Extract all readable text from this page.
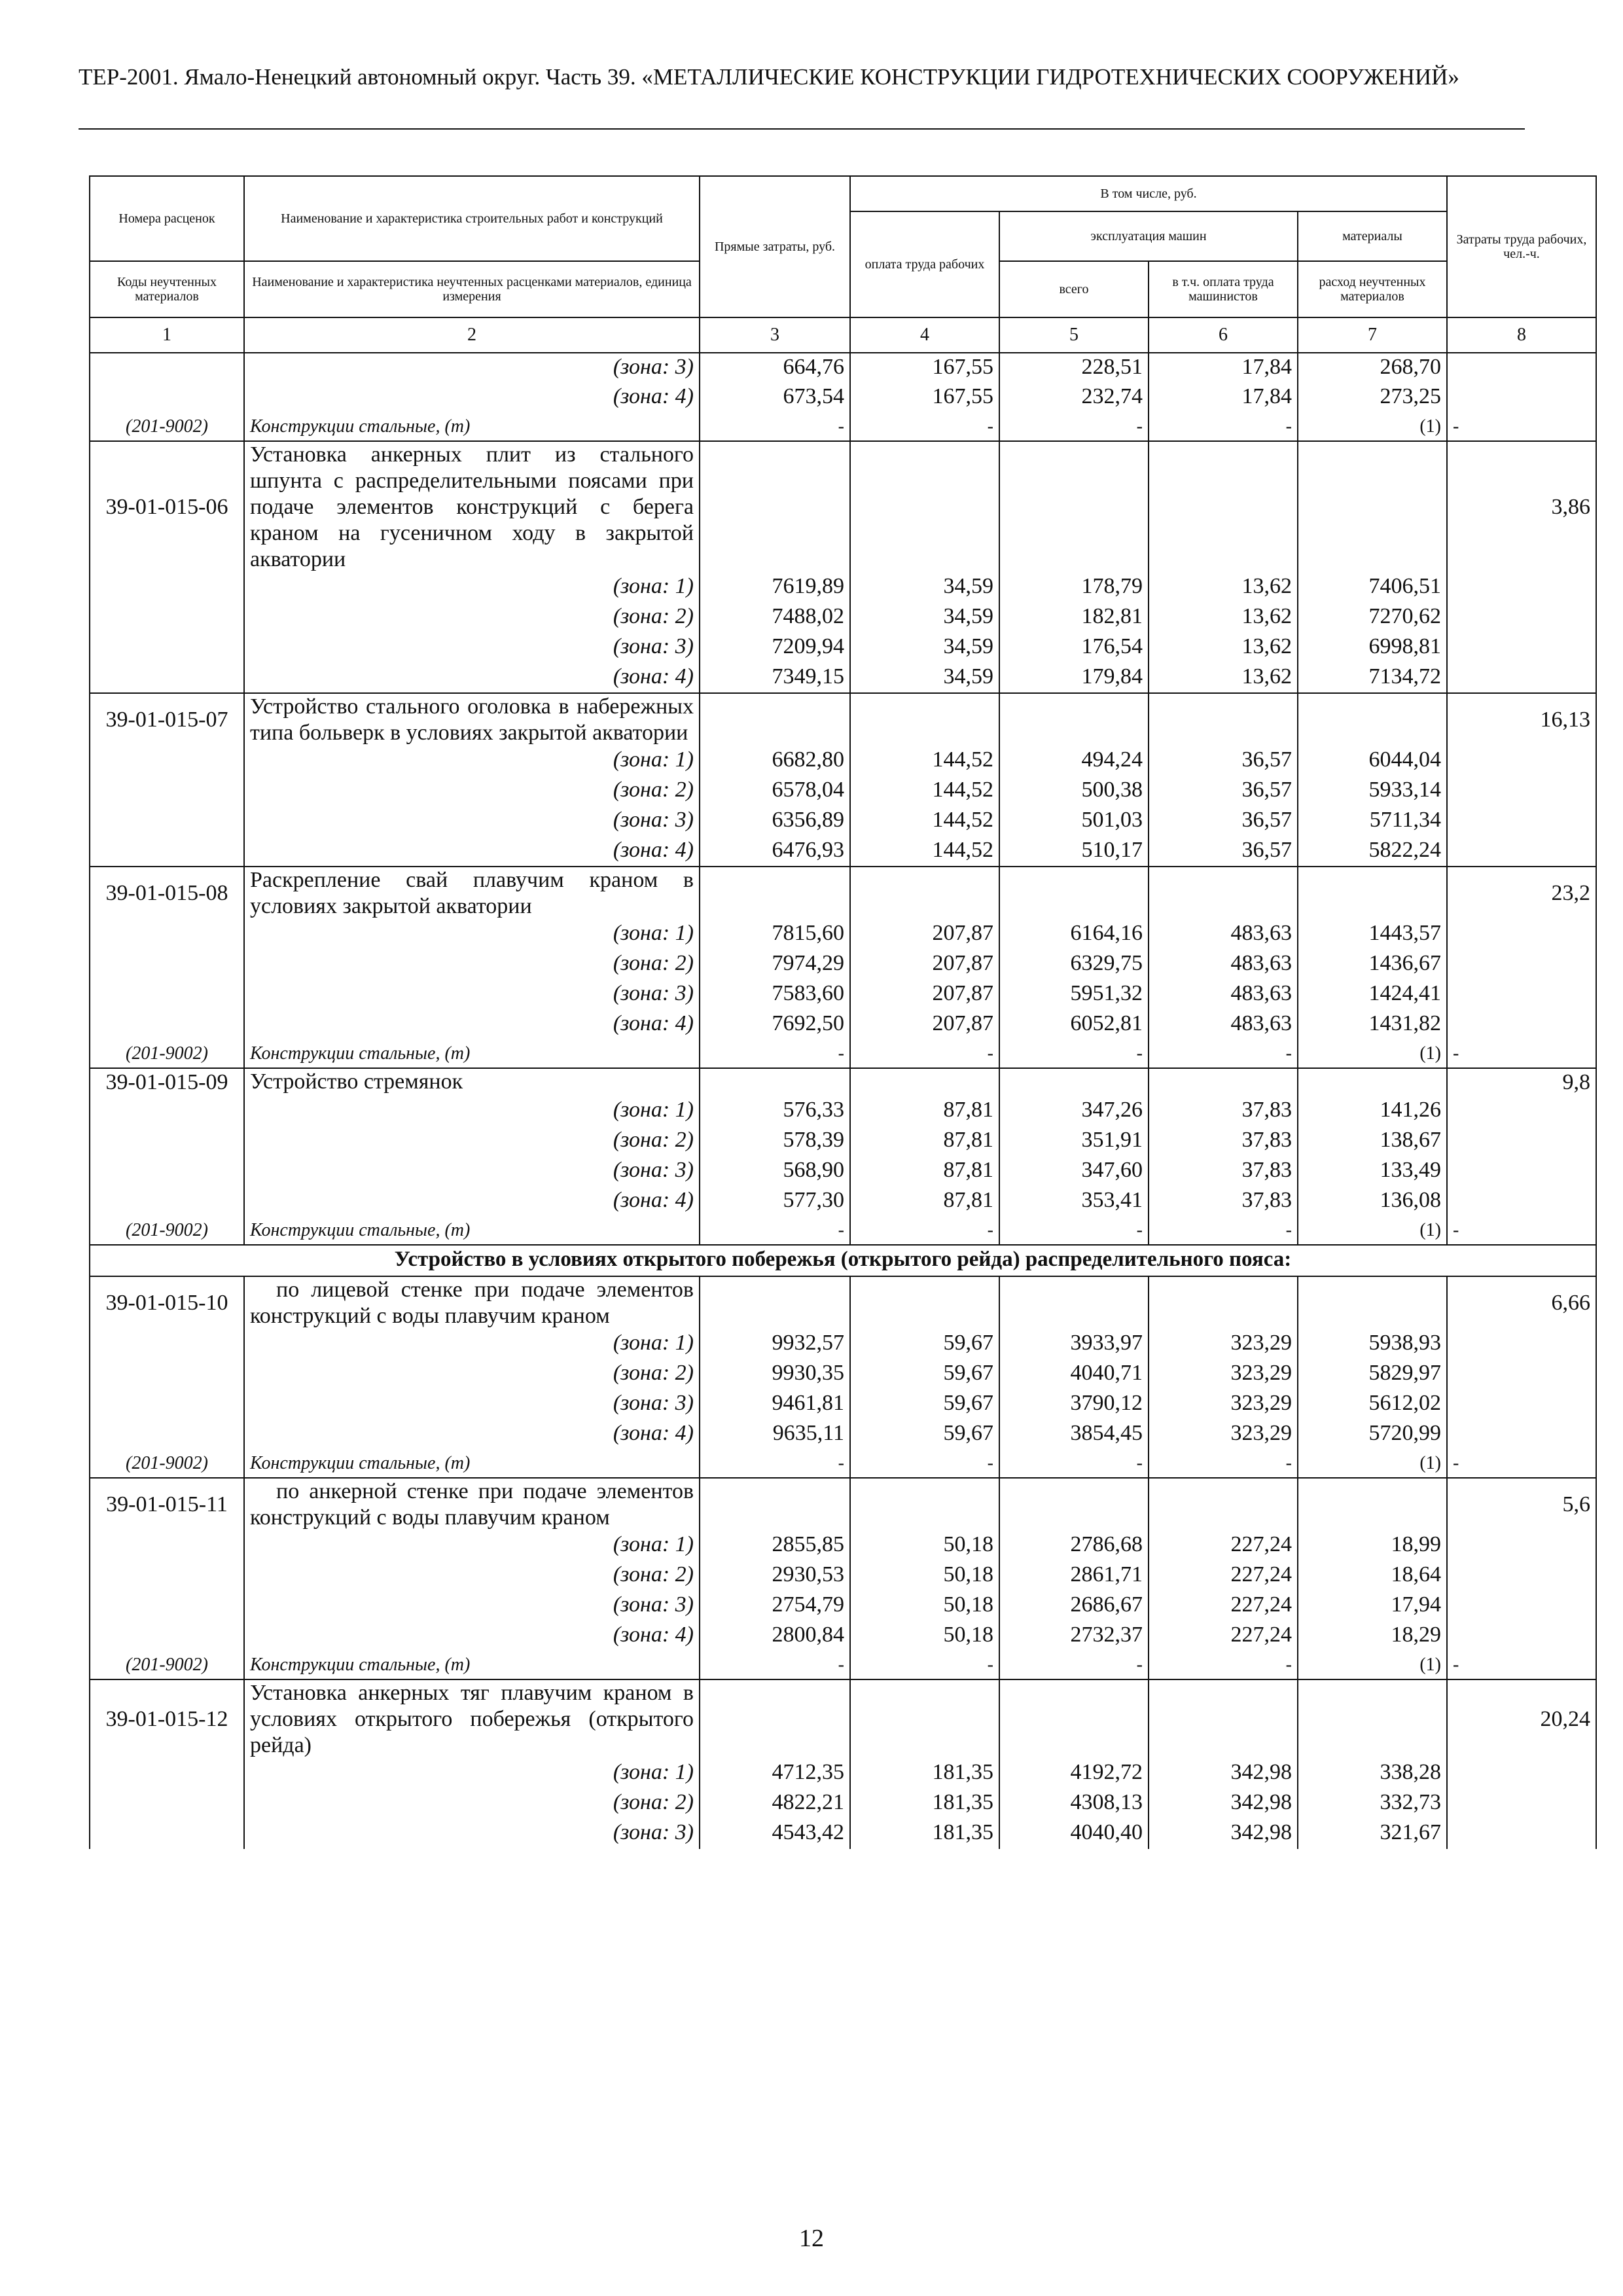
ТЕР-2001. Ямало-Ненецкий автономный округ. Часть 39. «МЕТАЛЛИЧЕСКИЕ КОНСТРУКЦИИ ГИДРОТЕХНИЧЕСКИХ СООРУЖЕНИЙ»
Номера расценок	Наименование и характеристика строительных работ и конструкций	Прямые затраты, руб.	В том числе, руб.				Затраты труда рабочих, чел.-ч.
			оплата труда рабочих	эксплуатация машин		материалы	
Коды неучтенных материалов	Наименование и характеристика неучтенных расценками материалов, единица измерения			всего	в т.ч. оплата труда машинистов	расход неучтенных материалов	
1	2	3	4	5	6	7	8
	(зона: 3)	664,76	167,55	228,51	17,84	268,70	
	(зона: 4)	673,54	167,55	232,74	17,84	273,25	
(201-9002)	Конструкции стальные, (т)	-	-	-	-	(1)	-
39-01-015-06	Установка анкерных плит из стального шпунта с распределительными поясами при подаче элементов конструкций с берега краном на гусеничном ходу в закрытой акватории						3,86
	(зона: 1)	7619,89	34,59	178,79	13,62	7406,51	
	(зона: 2)	7488,02	34,59	182,81	13,62	7270,62	
	(зона: 3)	7209,94	34,59	176,54	13,62	6998,81	
	(зона: 4)	7349,15	34,59	179,84	13,62	7134,72	
39-01-015-07	Устройство стального оголовка в набережных типа больверк в условиях закрытой акватории						16,13
	(зона: 1)	6682,80	144,52	494,24	36,57	6044,04	
	(зона: 2)	6578,04	144,52	500,38	36,57	5933,14	
	(зона: 3)	6356,89	144,52	501,03	36,57	5711,34	
	(зона: 4)	6476,93	144,52	510,17	36,57	5822,24	
39-01-015-08	Раскрепление свай плавучим краном в условиях закрытой акватории						23,2
	(зона: 1)	7815,60	207,87	6164,16	483,63	1443,57	
	(зона: 2)	7974,29	207,87	6329,75	483,63	1436,67	
	(зона: 3)	7583,60	207,87	5951,32	483,63	1424,41	
	(зона: 4)	7692,50	207,87	6052,81	483,63	1431,82	
(201-9002)	Конструкции стальные, (т)	-	-	-	-	(1)	-
39-01-015-09	Устройство стремянок						9,8
	(зона: 1)	576,33	87,81	347,26	37,83	141,26	
	(зона: 2)	578,39	87,81	351,91	37,83	138,67	
	(зона: 3)	568,90	87,81	347,60	37,83	133,49	
	(зона: 4)	577,30	87,81	353,41	37,83	136,08	
(201-9002)	Конструкции стальные, (т)	-	-	-	-	(1)	-
Устройство в условиях открытого побережья (открытого рейда) распределительного пояса:							
39-01-015-10	по лицевой стенке при подаче элементов конструкций с воды плавучим краном						6,66
	(зона: 1)	9932,57	59,67	3933,97	323,29	5938,93	
	(зона: 2)	9930,35	59,67	4040,71	323,29	5829,97	
	(зона: 3)	9461,81	59,67	3790,12	323,29	5612,02	
	(зона: 4)	9635,11	59,67	3854,45	323,29	5720,99	
(201-9002)	Конструкции стальные, (т)	-	-	-	-	(1)	-
39-01-015-11	по анкерной стенке при подаче элементов конструкций с воды плавучим краном						5,6
	(зона: 1)	2855,85	50,18	2786,68	227,24	18,99	
	(зона: 2)	2930,53	50,18	2861,71	227,24	18,64	
	(зона: 3)	2754,79	50,18	2686,67	227,24	17,94	
	(зона: 4)	2800,84	50,18	2732,37	227,24	18,29	
(201-9002)	Конструкции стальные, (т)	-	-	-	-	(1)	-
39-01-015-12	Установка анкерных тяг плавучим краном в условиях открытого побережья (открытого рейда)						20,24
	(зона: 1)	4712,35	181,35	4192,72	342,98	338,28	
	(зона: 2)	4822,21	181,35	4308,13	342,98	332,73	
	(зона: 3)	4543,42	181,35	4040,40	342,98	321,67	
12
